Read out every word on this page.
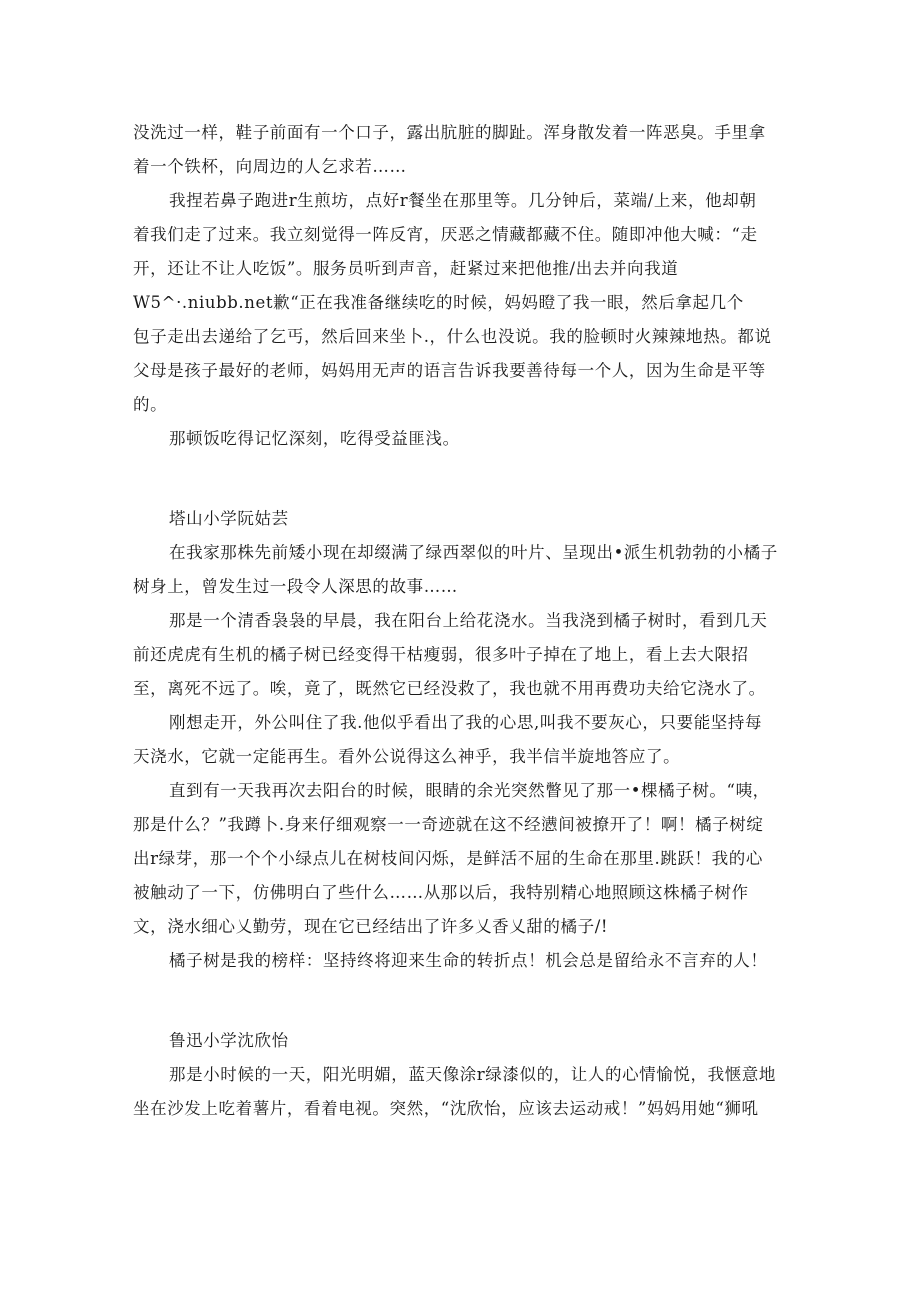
没洗过一样，鞋子前面有一个口子，露出肮脏的脚趾。浑身散发着一阵恶臭。手里拿
着一个铁杯，向周边的人乞求若……
我捏若鼻子跑进r生煎坊，点好r餐坐在那里等。几分钟后，菜端/上来，他却朝
着我们走了过来。我立刻觉得一阵反宵，厌恶之情藏都藏不住。随即冲他大喊：“走
开，还让不让人吃饭”。服务员听到声音，赶紧过来把他推/出去并向我道
W5^·.niubb.net歉“正在我准备继续吃的时候，妈妈瞪了我一眼，然后拿起几个
包子走出去递给了乞丐，然后回来坐卜.，什么也没说。我的脸顿时火辣辣地热。都说
父母是孩子最好的老师，妈妈用无声的语言告诉我要善待每一个人，因为生命是平等
的。
那顿饭吃得记忆深刻，吃得受益匪浅。
塔山小学阮姑芸
在我家那株先前矮小现在却缀满了绿西翠似的叶片、呈现出•派生机勃勃的小橘子
树身上，曾发生过一段令人深思的故事……
那是一个清香袅袅的早晨，我在阳台上给花浇水。当我浇到橘子树时，看到几天
前还虎虎有生机的橘子树已经变得干枯瘦弱，很多叶子掉在了地上，看上去大限招
至，离死不远了。唉，竟了，既然它已经没救了，我也就不用再费功夫给它浇水了。
刚想走开，外公叫住了我.他似乎看出了我的心思,叫我不要灰心，只要能坚持每
天浇水，它就一定能再生。看外公说得这么神乎，我半信半旋地答应了。
直到有一天我再次去阳台的时候，眼睛的余光突然瞥见了那一•棵橘子树。“咦，
那是什么？”我蹲卜.身来仔细观察一一奇迹就在这不经懑间被撩开了！啊！橘子树绽
出r绿芽，那一个个小绿点儿在树枝间闪烁，是鲜活不屈的生命在那里.跳跃！我的心
被触动了一下，仿佛明白了些什么……从那以后，我特别精心地照顾这株橘子树作
文，浇水细心乂勤劳，现在它已经结出了许多乂香乂甜的橘子/!
橘子树是我的榜样：坚持终将迎来生命的转折点！机会总是留给永不言弃的人！
鲁迅小学沈欣怡
那是小时候的一天，阳光明媚，蓝天像涂r绿漆似的，让人的心情愉悦，我惬意地
坐在沙发上吃着薯片，看着电视。突然，“沈欣怡，应该去运动戒！”妈妈用她“狮吼
